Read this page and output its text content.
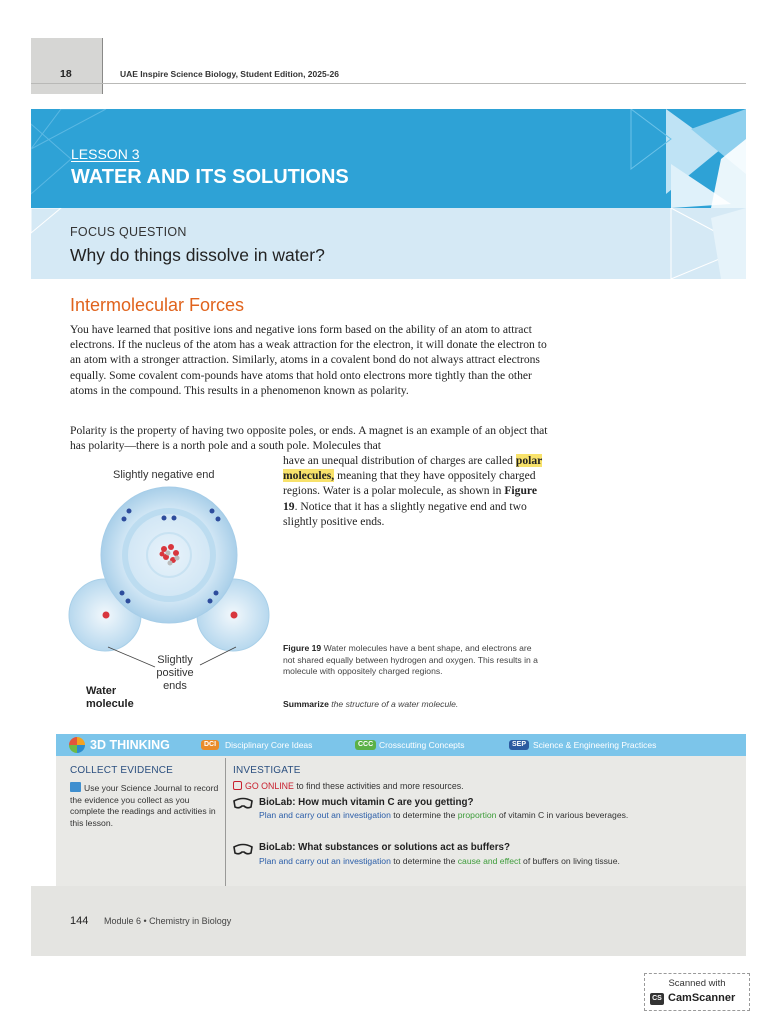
18	UAE Inspire Science Biology, Student Edition, 2025-26
LESSON 3
WATER AND ITS SOLUTIONS
FOCUS QUESTION
Why do things dissolve in water?
Intermolecular Forces
You have learned that positive ions and negative ions form based on the ability of an atom to attract electrons. If the nucleus of the atom has a weak attraction for the electron, it will donate the electron to an atom with a stronger attraction. Similarly, atoms in a covalent bond do not always attract electrons equally. Some covalent com-pounds have atoms that hold onto electrons more tightly than the other atoms in the compound. This results in a phenomenon known as polarity.
Polarity is the property of having two opposite poles, or ends. A magnet is an example of an object that has polarity—there is a north pole and a south pole. Molecules that
have an unequal distribution of charges are called polar molecules, meaning that they have oppositely charged regions. Water is a polar molecule, as shown in Figure 19. Notice that it has a slightly negative end and two slightly positive ends.
Slightly negative end
Slightly positive ends
Water molecule
Figure 19 Water molecules have a bent shape, and electrons are not shared equally between hydrogen and oxygen. This results in a molecule with oppositely charged regions.
Summarize the structure of a water molecule.
3D THINKING	DCI	Disciplinary Core Ideas	CCC Crosscutting Concepts	SEP Science & Engineering Practices
COLLECT EVIDENCE
Use your Science Journal to record the evidence you collect as you complete the readings and activities in this lesson.
INVESTIGATE
GO ONLINE to find these activities and more resources.
BioLab: How much vitamin C are you getting?
Plan and carry out an investigation to determine the proportion of vitamin C in various beverages.
BioLab: What substances or solutions act as buffers?
Plan and carry out an investigation to determine the cause and effect of buffers on living tissue.
144 Module 6 • Chemistry in Biology
Scanned with
CS CamScanner
